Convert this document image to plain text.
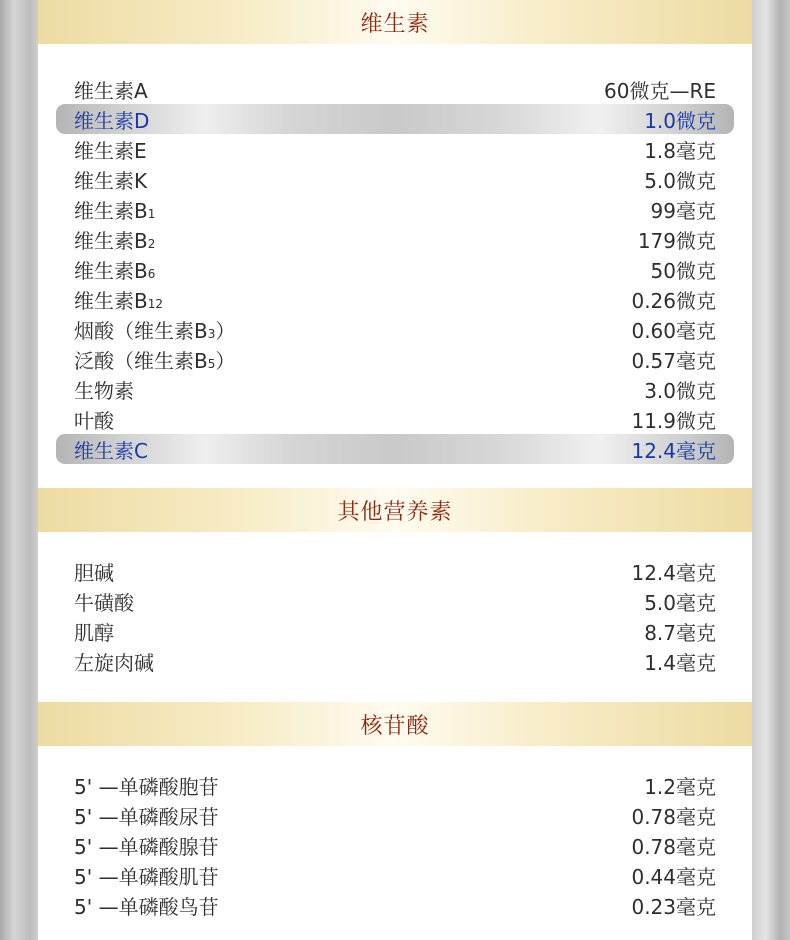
维生素
维生素A	60微克—RE
维生素D	1.0微克
维生素E	1.8毫克
维生素K	5.0微克
维生素B1	99毫克
维生素B2	179微克
维生素B6	50微克
维生素B12	0.26微克
烟酸（维生素B3）	0.60毫克
泛酸（维生素B5）	0.57毫克
生物素	3.0微克
叶酸	11.9微克
维生素C	12.4毫克
其他营养素
胆碱	12.4毫克
牛磺酸	5.0毫克
肌醇	8.7毫克
左旋肉碱	1.4毫克
核苷酸
5' —单磷酸胞苷	1.2毫克
5' —单磷酸尿苷	0.78毫克
5' —单磷酸腺苷	0.78毫克
5' —单磷酸肌苷	0.44毫克
5' —单磷酸鸟苷	0.23毫克
